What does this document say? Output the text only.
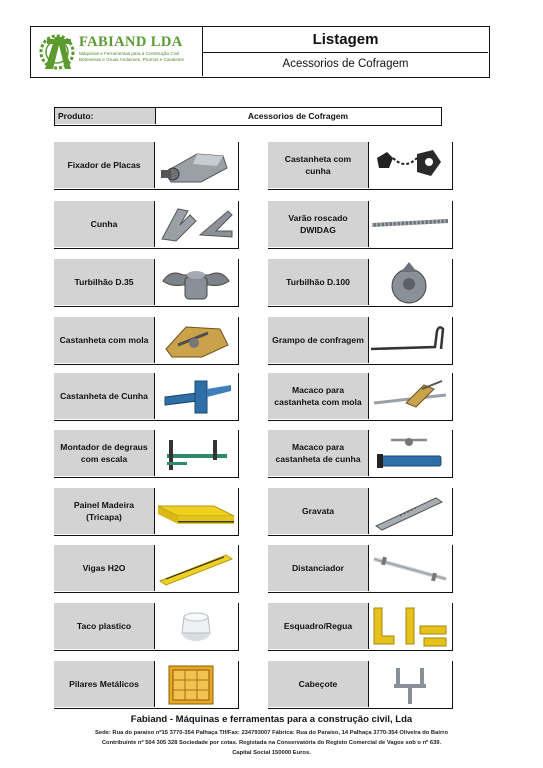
FABIAND LDA
Máquinas e Ferramentas para a Construção Civil Betoneiras e Gruas Andaimes, Prumos e Cavaletes
Listagem
Acessorios de Cofragem
Produto:	Acessorios de Cofragem
Fixador de Placas
Cunha
Turbilhão D.35
Castanheta com mola
Castanheta de Cunha
Montador de degraus com escala
Painel Madeira (Tricapa)
Vigas H2O
Taco plastico
Pilares Metálicos
Castanheta com cunha
Varão roscado DWIDAG
Turbilhão D.100
Grampo de confragem
Macaco para castanheta com mola
Macaco para castanheta de cunha
Gravata
Distanciador
Esquadro/Regua
Cabeçote
Fabiand - Máquinas e ferramentas para a construção civil, Lda
Sede: Rua do paraíso nº15 3770-354 Palhaça Tlf/Fax: 234793007 Fábrica: Rua do Paraíso, 14 Palhaça 3770-354 Oliveira do Bairro
Contribuinte nº 504 305 328 Sociedade por cotas. Registada na Conservatória do Registo Comercial de Vagos sob o nº 639.
Capital Social 150000 Euros.
